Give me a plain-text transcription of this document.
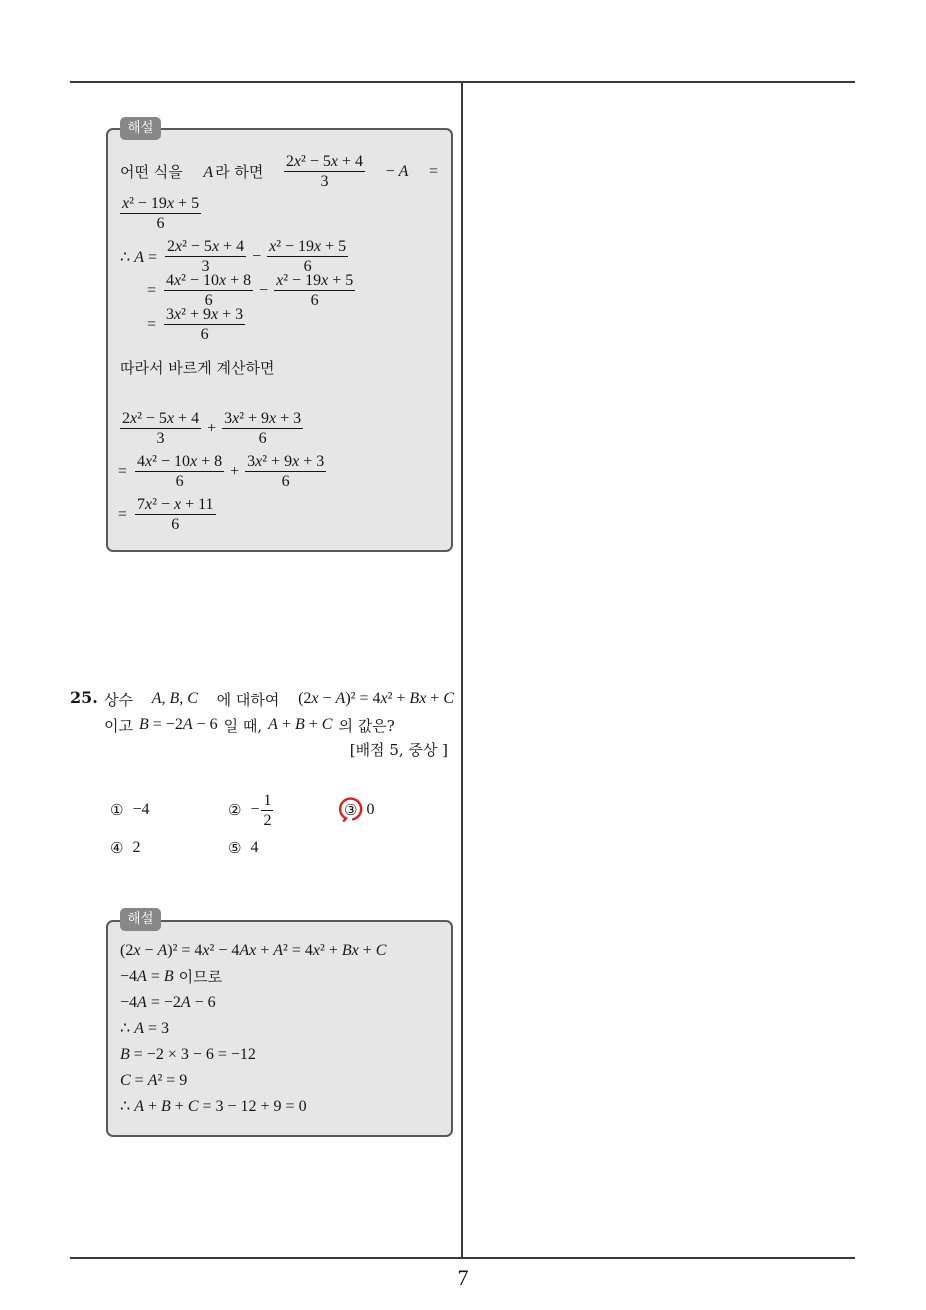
7
해설
어떤 식을 A 라 하면 $\frac{\text{2x² − 5x + 4}}{3} - A$ =
$\frac{\text{x² − 19x + 5}}{6}$
∴ $A = \frac{\text{2x² − 5x + 4}}{3} - \frac{\text{x² − 19x + 5}}{6}$
= $\frac{\text{4x² − 10x + 8}}{6} - \frac{\text{x² − 19x + 5}}{6}$
= $\frac{\text{3x² + 9x + 3}}{6}$
따라서 바르게 계산하면
$\frac{\text{2x² − 5x + 4}}{3} + \frac{\text{3x² + 9x + 3}}{6}$
= $\frac{\text{4x² − 10x + 8}}{6} + \frac{\text{3x² + 9x + 3}}{6}$
= $\frac{\text{7x² − x + 11}}{6}$
25. 상수 A, B, C 에 대하여 (2x − A)² = 4x² + Bx + C
이고 B = −2A − 6 일 때, A + B + C 의 값은?
[배점 5, 중상 ]
① −4	② − $\frac{1}{2}$	③ 0
④ 2	⑤ 4
해설
(2x − A)² = 4x² − 4Ax + A² = 4x² + Bx + C
−4A = B 이므로
−4A = −2A − 6
∴ A = 3
B = −2 × 3 − 6 = −12
C = A² = 9
∴ A + B + C = 3 − 12 + 9 = 0
